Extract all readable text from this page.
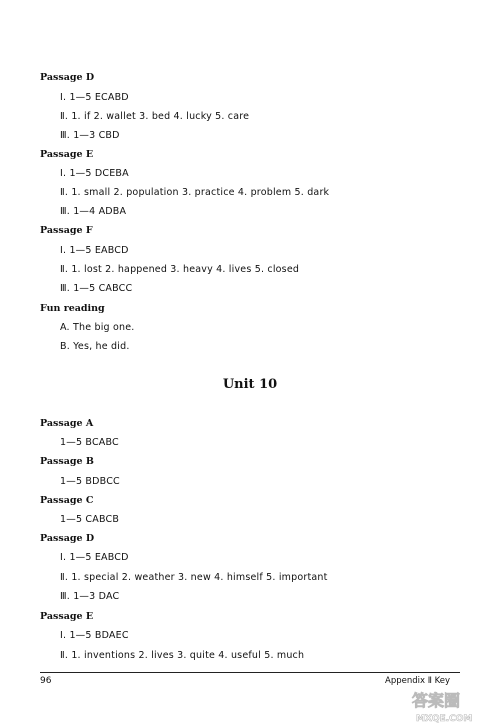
Passage D
Ⅰ. 1—5 ECABD
Ⅱ. 1. if 2. wallet 3. bed 4. lucky 5. care
Ⅲ. 1—3 CBD
Passage E
Ⅰ. 1—5 DCEBA
Ⅱ. 1. small 2. population 3. practice 4. problem 5. dark
Ⅲ. 1—4 ADBA
Passage F
Ⅰ. 1—5 EABCD
Ⅱ. 1. lost 2. happened 3. heavy 4. lives 5. closed
Ⅲ. 1—5 CABCC
Fun reading
A. The big one.
B. Yes, he did.
Passage A
1—5 BCABC
Passage B
1—5 BDBCC
Passage C
1—5 CABCB
Passage D
Ⅰ. 1—5 EABCD
Ⅱ. 1. special 2. weather 3. new 4. himself 5. important
Ⅲ. 1—3 DAC
Passage E
Ⅰ. 1—5 BDAEC
Ⅱ. 1. inventions 2. lives 3. quite 4. useful 5. much
Unit 10
96	Appendix Ⅱ Key
答案圈
MXQE.COM
